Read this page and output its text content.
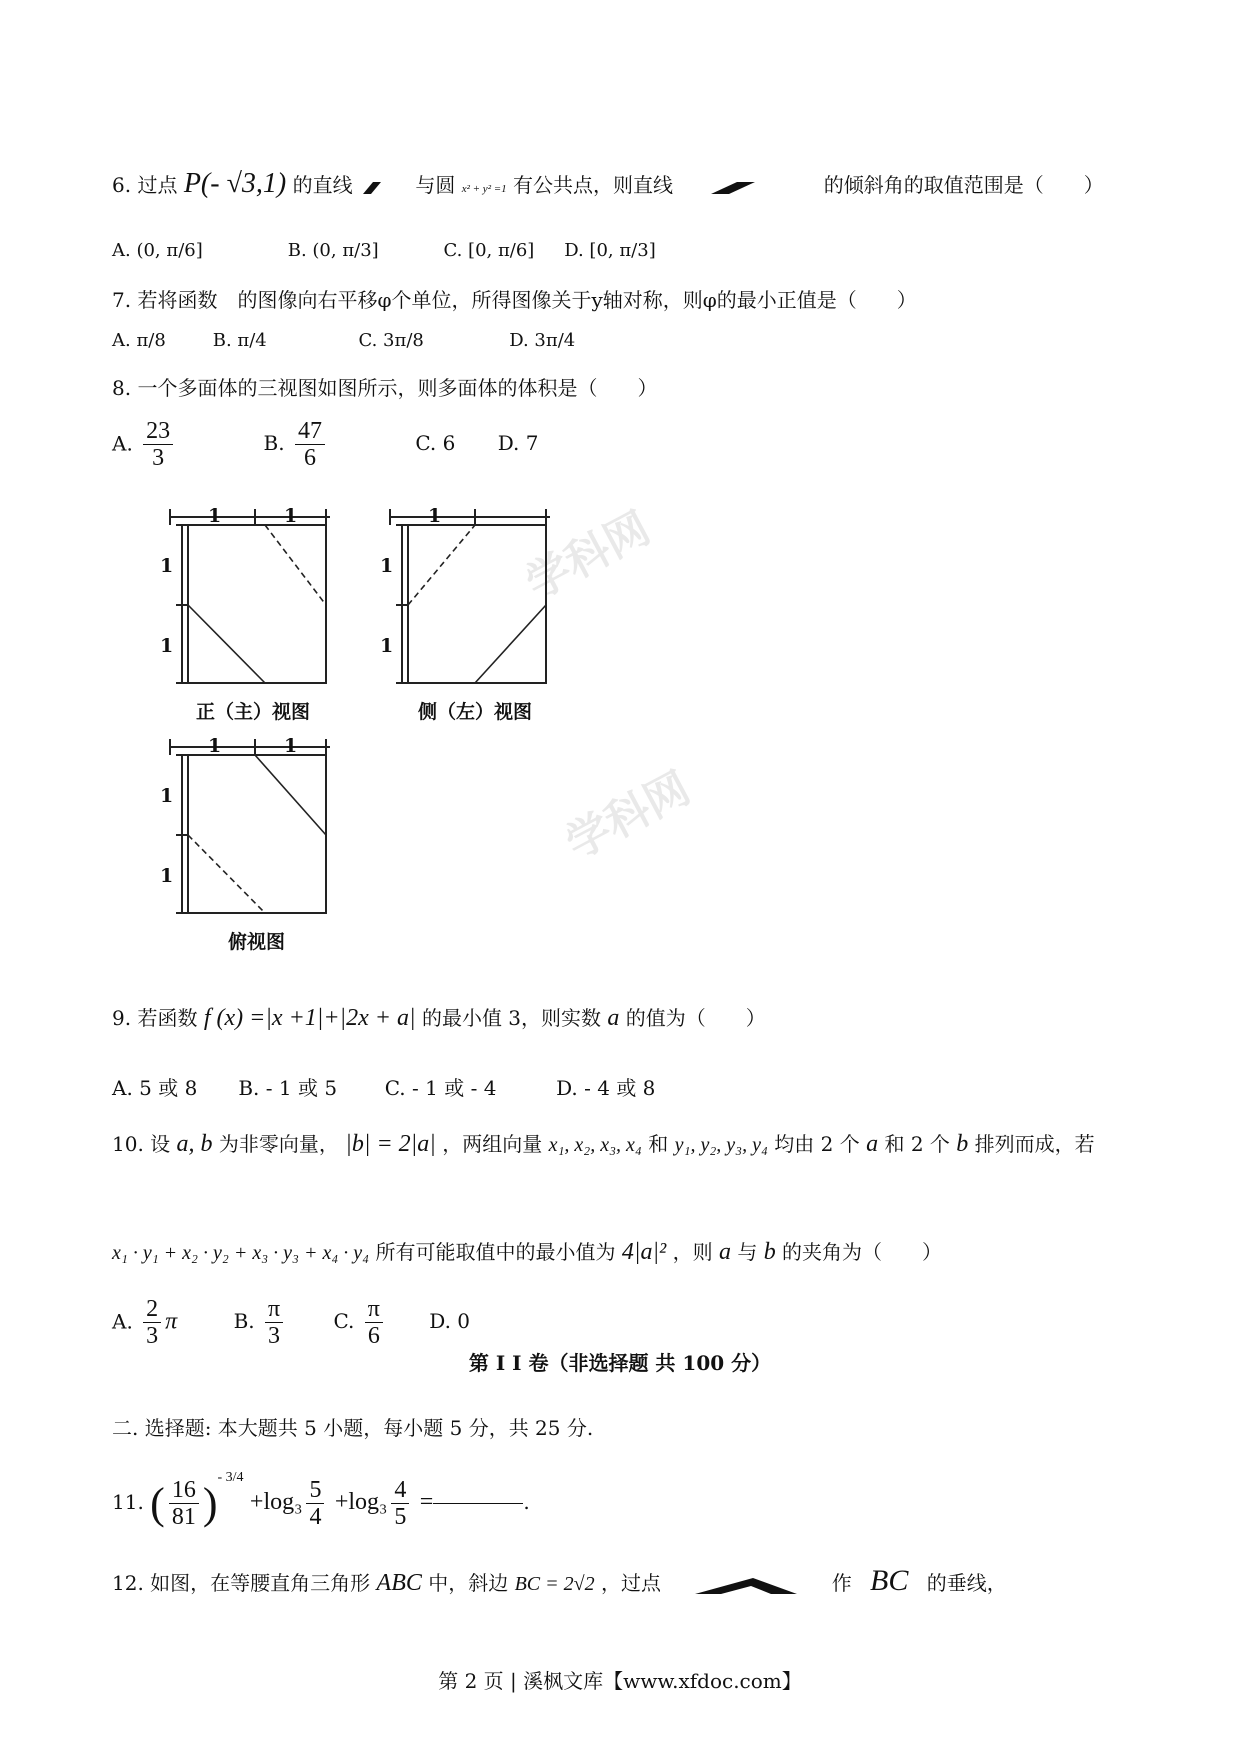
学科网
学科网
6. 过点 P(- √3,1) 的直线	与圆 x² + y² =1 有公共点，则直线	的倾斜角的取值范围是（　　）
A. (0, π/6]	B. (0, π/3]	C. [0, π/6] D. [0, π/3]
7. 若将函数　的图像向右平移φ个单位，所得图像关于y轴对称，则φ的最小正值是（　　）
A. π/8	B. π/4	C. 3π/8	D. 3π/4
8. 一个多面体的三视图如图所示，则多面体的体积是（　　）
A. $\frac{23}{3}$	B. $\frac{47}{6}$	C. 6 D. 7
1	1
1
1
1
1
1
1	1
1
1
正（主）视图	侧（左）视图
俯视图
9. 若函数 f (x) =|x +1|+|2x + a| 的最小值 3，则实数 a 的值为（　　）
A. 5 或 8 B. - 1 或 5 C. - 1 或 - 4	D. - 4 或 8
10. 设 a, b 为非零向量， |b| = 2|a| ，两组向量 x₁, x₂, x₃, x₄ 和 y₁, y₂, y₃, y₄ 均由 2 个 a 和 2 个 b 排列而成，若
x₁ · y₁ + x₂ · y₂ + x₃ · y₃ + x₄ · y₄ 所有可能取值中的最小值为 4|a|² ，则 a 与 b 的夹角为（　　）
A. $\frac{2}{3}$ π	B. $\frac{\pi}{3}$	C. $\frac{\pi}{6} D$. 0
第 I I 卷（非选择题 共 100 分）
二. 选择题: 本大题共 5 小题，每小题 5 分，共 25 分.
11. ( $\frac{16}{81} )^{- 3/4} +\log_3 \frac{5}{4} +\log_3 \frac{4}{5}$ =	.
12. 如图，在等腰直角三角形 ABC 中，斜边 BC = 2√2 ，过点	作 BC 的垂线，
第 2 页 | 溪枫文库【www.xfdoc.com】
